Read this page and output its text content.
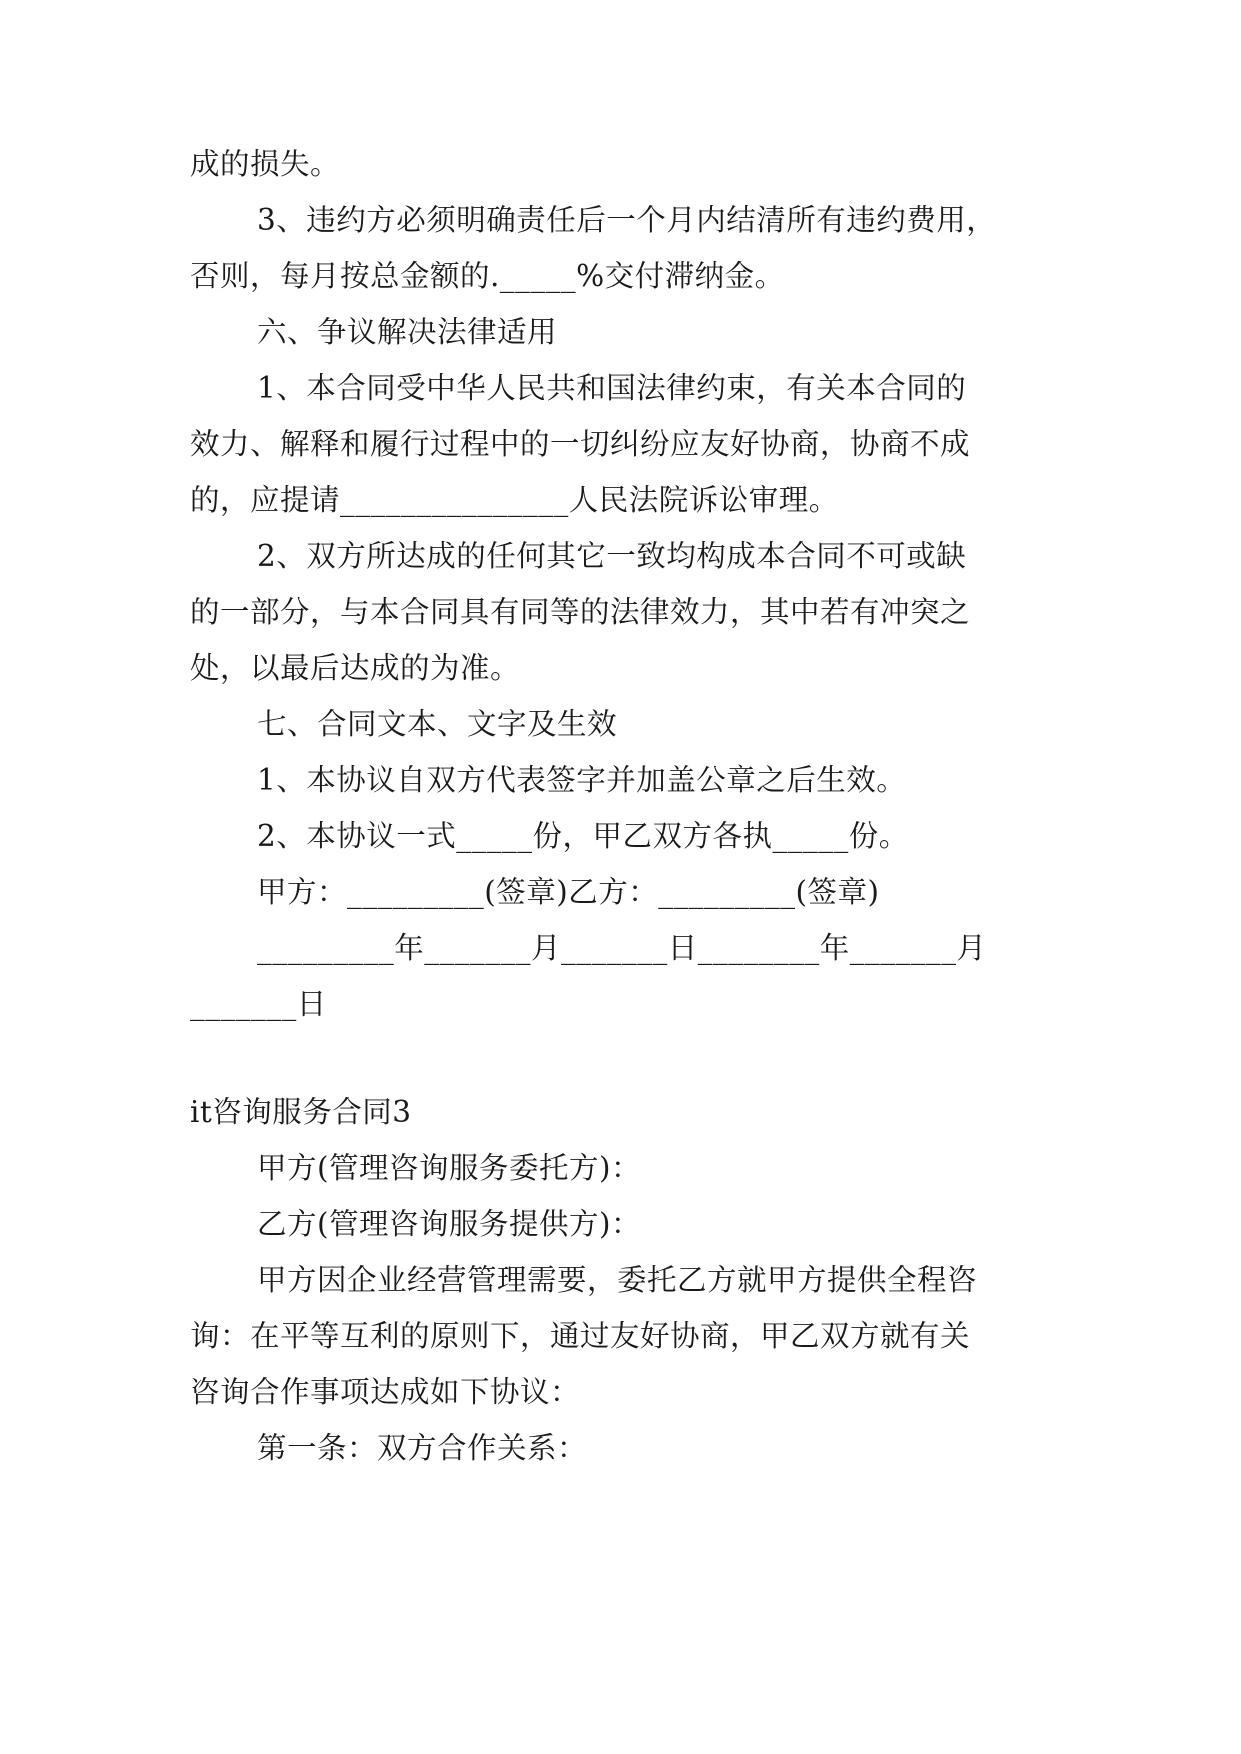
成的损失。

3、违约方必须明确责任后一个月内结清所有违约费用，

否则，每月按总金额的._____%交付滞纳金。

六、争议解决法律适用

1、本合同受中华人民共和国法律约束，有关本合同的

效力、解释和履行过程中的一切纠纷应友好协商，协商不成

的，应提请_______________人民法院诉讼审理。

2、双方所达成的任何其它一致均构成本合同不可或缺

的一部分，与本合同具有同等的法律效力，其中若有冲突之

处，以最后达成的为准。

七、合同文本、文字及生效

1、本协议自双方代表签字并加盖公章之后生效。

2、本协议一式_____份，甲乙双方各执_____份。

甲方：_________(签章)乙方：_________(签章)

_________年_______月_______日________年_______月

_______日

it咨询服务合同3

甲方(管理咨询服务委托方)：

乙方(管理咨询服务提供方)：

甲方因企业经营管理需要，委托乙方就甲方提供全程咨

询：在平等互利的原则下，通过友好协商，甲乙双方就有关

咨询合作事项达成如下协议：

第一条：双方合作关系：
